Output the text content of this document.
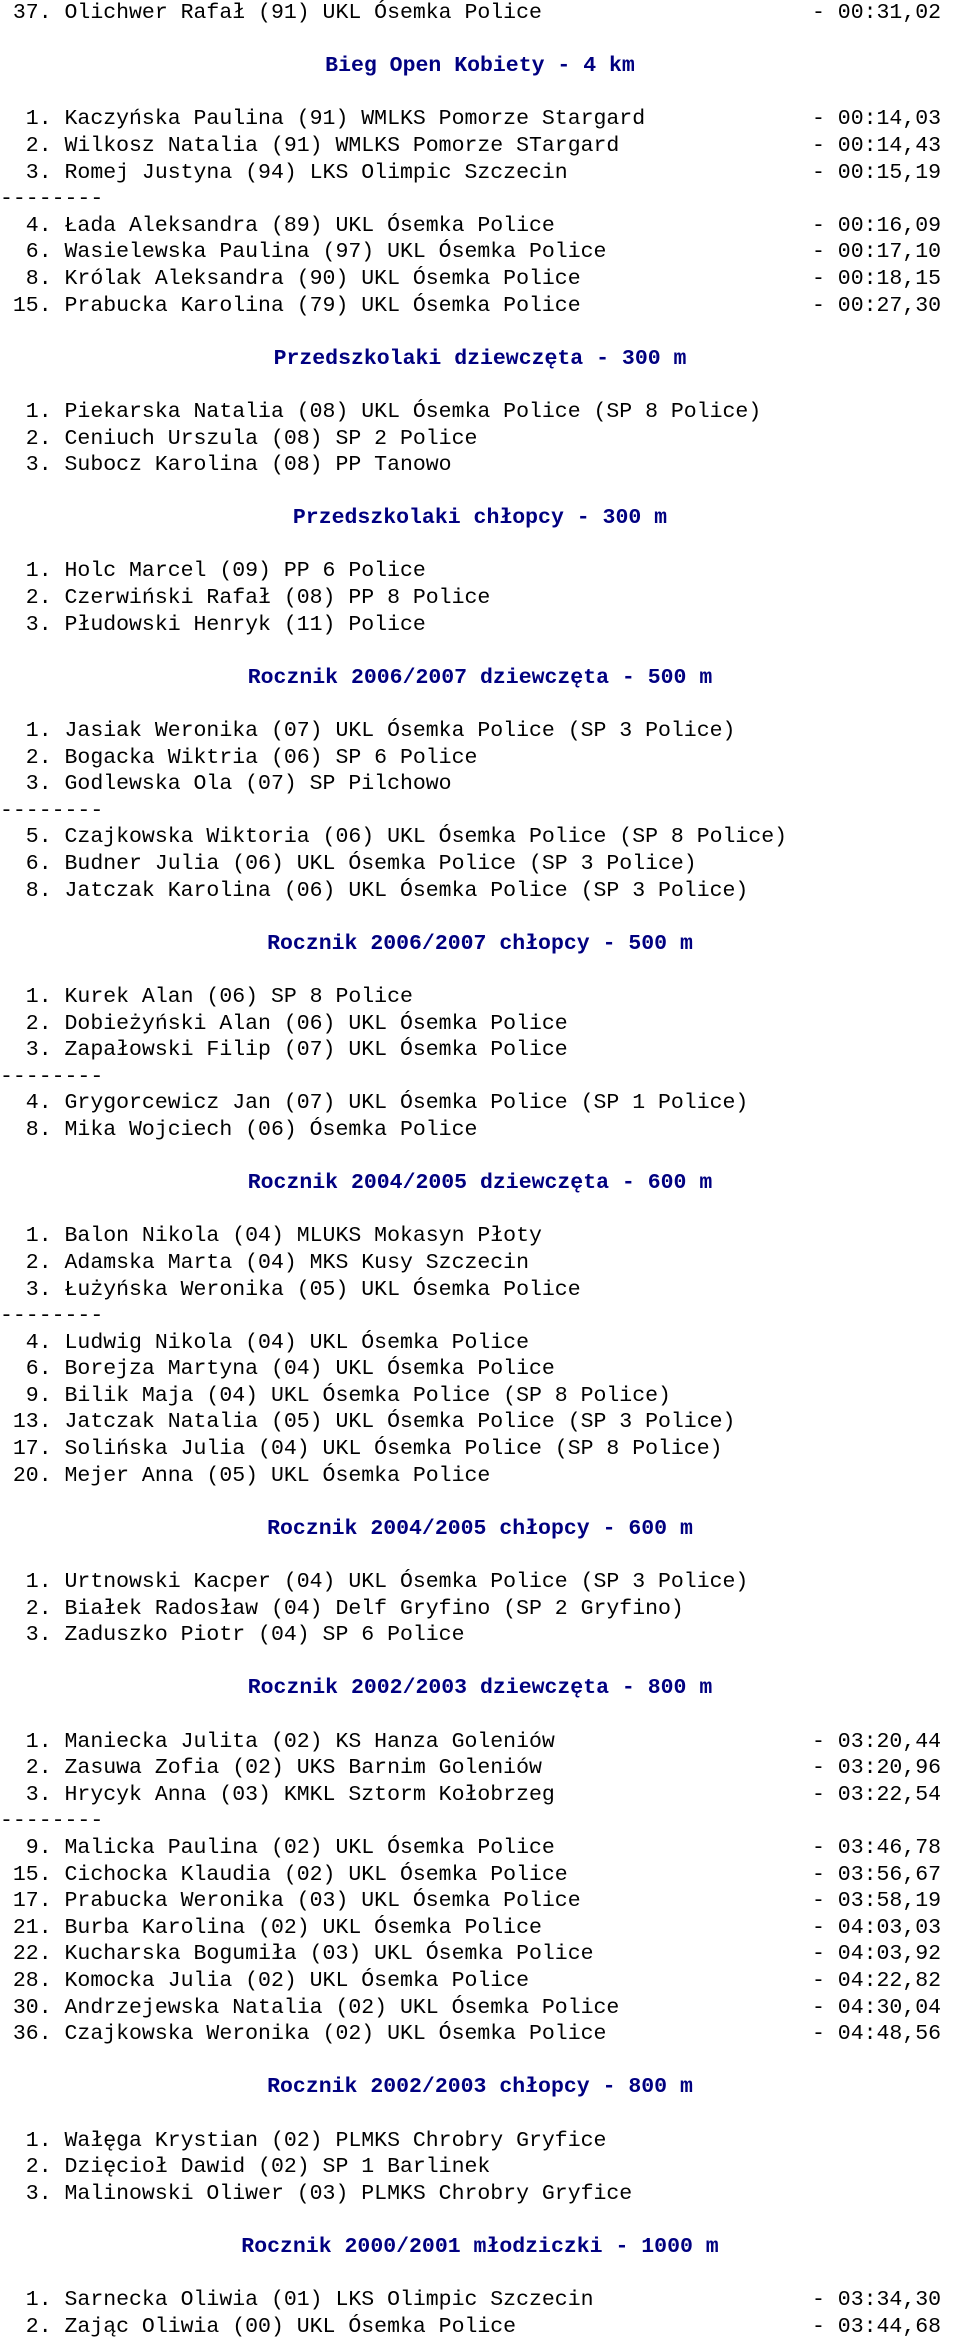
37. Olichwer Rafał (91) UKL Ósemka Police	- 00:31,02
Bieg Open Kobiety - 4 km
1. Kaczyńska Paulina (91) WMLKS Pomorze Stargard	- 00:14,03
2. Wilkosz Natalia (91) WMLKS Pomorze STargard	- 00:14,43
3. Romej Justyna (94) LKS Olimpic Szczecin	- 00:15,19
--------
4. Łada Aleksandra (89) UKL Ósemka Police	- 00:16,09
6. Wasielewska Paulina (97) UKL Ósemka Police	- 00:17,10
8. Królak Aleksandra (90) UKL Ósemka Police	- 00:18,15
15. Prabucka Karolina (79) UKL Ósemka Police	- 00:27,30
Przedszkolaki dziewczęta - 300 m
1. Piekarska Natalia (08) UKL Ósemka Police (SP 8 Police)
2. Ceniuch Urszula (08) SP 2 Police
3. Subocz Karolina (08) PP Tanowo
Przedszkolaki chłopcy - 300 m
1. Holc Marcel (09) PP 6 Police
2. Czerwiński Rafał (08) PP 8 Police
3. Płudowski Henryk (11) Police
Rocznik 2006/2007 dziewczęta - 500 m
1. Jasiak Weronika (07) UKL Ósemka Police (SP 3 Police)
2. Bogacka Wiktria (06) SP 6 Police
3. Godlewska Ola (07) SP Pilchowo
--------
5. Czajkowska Wiktoria (06) UKL Ósemka Police (SP 8 Police)
6. Budner Julia (06) UKL Ósemka Police (SP 3 Police)
8. Jatczak Karolina (06) UKL Ósemka Police (SP 3 Police)
Rocznik 2006/2007 chłopcy - 500 m
1. Kurek Alan (06) SP 8 Police
2. Dobieżyński Alan (06) UKL Ósemka Police
3. Zapałowski Filip (07) UKL Ósemka Police
--------
4. Grygorcewicz Jan (07) UKL Ósemka Police (SP 1 Police)
8. Mika Wojciech (06) Ósemka Police
Rocznik 2004/2005 dziewczęta - 600 m
1. Balon Nikola (04) MLUKS Mokasyn Płoty
2. Adamska Marta (04) MKS Kusy Szczecin
3. Łużyńska Weronika (05) UKL Ósemka Police
--------
4. Ludwig Nikola (04) UKL Ósemka Police
6. Borejza Martyna (04) UKL Ósemka Police
9. Bilik Maja (04) UKL Ósemka Police (SP 8 Police)
13. Jatczak Natalia (05) UKL Ósemka Police (SP 3 Police)
17. Solińska Julia (04) UKL Ósemka Police (SP 8 Police)
20. Mejer Anna (05) UKL Ósemka Police
Rocznik 2004/2005 chłopcy - 600 m
1. Urtnowski Kacper (04) UKL Ósemka Police (SP 3 Police)
2. Białek Radosław (04) Delf Gryfino (SP 2 Gryfino)
3. Zaduszko Piotr (04) SP 6 Police
Rocznik 2002/2003 dziewczęta - 800 m
1. Maniecka Julita (02) KS Hanza Goleniów	- 03:20,44
2. Zasuwa Zofia (02) UKS Barnim Goleniów	- 03:20,96
3. Hrycyk Anna (03) KMKL Sztorm Kołobrzeg	- 03:22,54
--------
9. Malicka Paulina (02) UKL Ósemka Police	- 03:46,78
15. Cichocka Klaudia (02) UKL Ósemka Police	- 03:56,67
17. Prabucka Weronika (03) UKL Ósemka Police	- 03:58,19
21. Burba Karolina (02) UKL Ósemka Police	- 04:03,03
22. Kucharska Bogumiła (03) UKL Ósemka Police	- 04:03,92
28. Komocka Julia (02) UKL Ósemka Police	- 04:22,82
30. Andrzejewska Natalia (02) UKL Ósemka Police	- 04:30,04
36. Czajkowska Weronika (02) UKL Ósemka Police	- 04:48,56
Rocznik 2002/2003 chłopcy - 800 m
1. Wałęga Krystian (02) PLMKS Chrobry Gryfice
2. Dzięcioł Dawid (02) SP 1 Barlinek
3. Malinowski Oliwer (03) PLMKS Chrobry Gryfice
Rocznik 2000/2001 młodziczki - 1000 m
1. Sarnecka Oliwia (01) LKS Olimpic Szczecin	- 03:34,30
2. Zając Oliwia (00) UKL Ósemka Police	- 03:44,68
